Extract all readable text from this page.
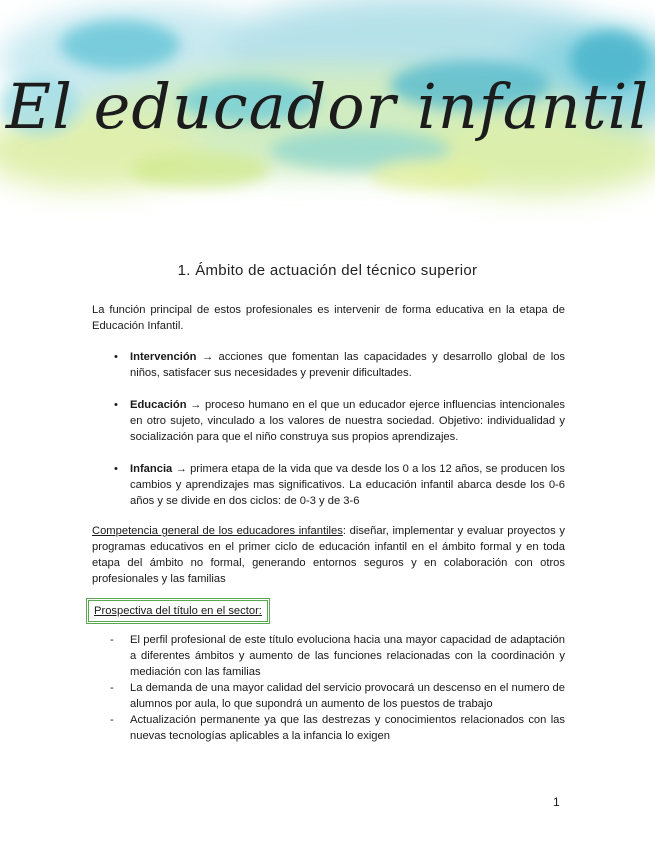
El educador infantil
1. Ámbito de actuación del técnico superior
La función principal de estos profesionales es intervenir de forma educativa en la etapa de Educación Infantil.
• Intervención → acciones que fomentan las capacidades y desarrollo global de los niños, satisfacer sus necesidades y prevenir dificultades.
• Educación → proceso humano en el que un educador ejerce influencias intencionales en otro sujeto, vinculado a los valores de nuestra sociedad. Objetivo: individualidad y socialización para que el niño construya sus propios aprendizajes.
• Infancia → primera etapa de la vida que va desde los 0 a los 12 años, se producen los cambios y aprendizajes mas significativos. La educación infantil abarca desde los 0-6 años y se divide en dos ciclos: de 0-3 y de 3-6
Competencia general de los educadores infantiles: diseñar, implementar y evaluar proyectos y programas educativos en el primer ciclo de educación infantil en el ámbito formal y en toda etapa del ámbito no formal, generando entornos seguros y en colaboración con otros profesionales y las familias
Prospectiva del título en el sector:
- El perfil profesional de este título evoluciona hacia una mayor capacidad de adaptación a diferentes ámbitos y aumento de las funciones relacionadas con la coordinación y mediación con las familias
- La demanda de una mayor calidad del servicio provocará un descenso en el numero de alumnos por aula, lo que supondrá un aumento de los puestos de trabajo
- Actualización permanente ya que las destrezas y conocimientos relacionados con las nuevas tecnologías aplicables a la infancia lo exigen
1
